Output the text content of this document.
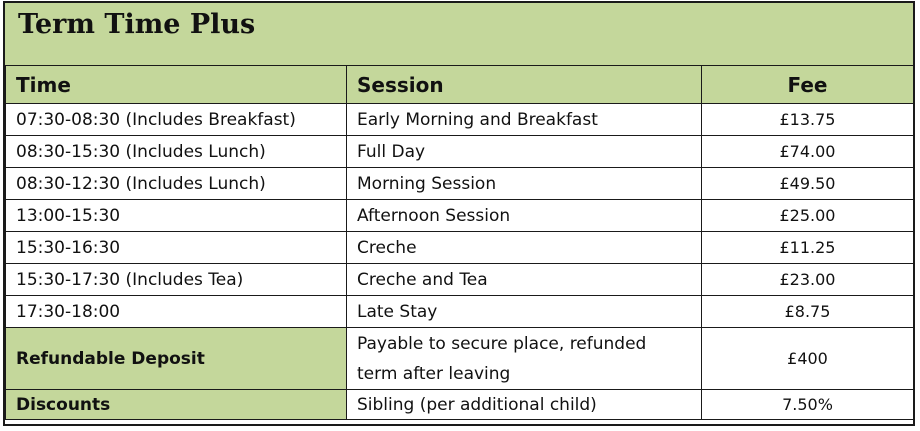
Term Time Plus
Time	Session	Fee
07:30-08:30 (Includes Breakfast)	Early Morning and Breakfast	£13.75
08:30-15:30 (Includes Lunch)	Full Day	£74.00
08:30-12:30 (Includes Lunch)	Morning Session	£49.50
13:00-15:30	Afternoon Session	£25.00
15:30-16:30	Creche	£11.25
15:30-17:30 (Includes Tea)	Creche and Tea	£23.00
17:30-18:00	Late Stay	£8.75
Refundable Deposit	Payable to secure place, refunded term after leaving	£400
Discounts	Sibling (per additional child)	7.50%
